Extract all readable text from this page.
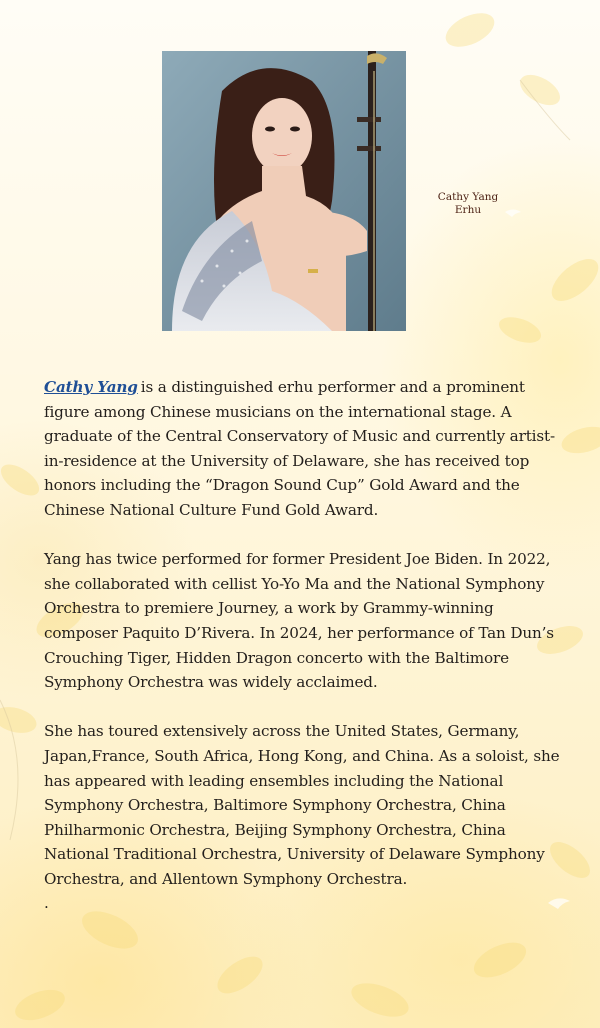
Cathy Yang
Erhu

Cathy Yang is a distinguished erhu performer and a prominent figure among Chinese musicians on the international stage. A graduate of the Central Conservatory of Music and currently artist-in-residence at the University of Delaware, she has received top honors including the “Dragon Sound Cup” Gold Award and the Chinese National Culture Fund Gold Award.

Yang has twice performed for former President Joe Biden. In 2022, she collaborated with cellist Yo-Yo Ma and the National Symphony Orchestra to premiere Journey, a work by Grammy-winning composer Paquito D’Rivera. In 2024, her performance of Tan Dun’s Crouching Tiger, Hidden Dragon concerto with the Baltimore Symphony Orchestra was widely acclaimed.

She has toured extensively across the United States, Germany, Japan,France, South Africa, Hong Kong, and China. As a soloist, she has appeared with leading ensembles including the National Symphony Orchestra, Baltimore Symphony Orchestra, China Philharmonic Orchestra, Beijing Symphony Orchestra, China National Traditional Orchestra, University of Delaware Symphony Orchestra, and Allentown Symphony Orchestra.

.
